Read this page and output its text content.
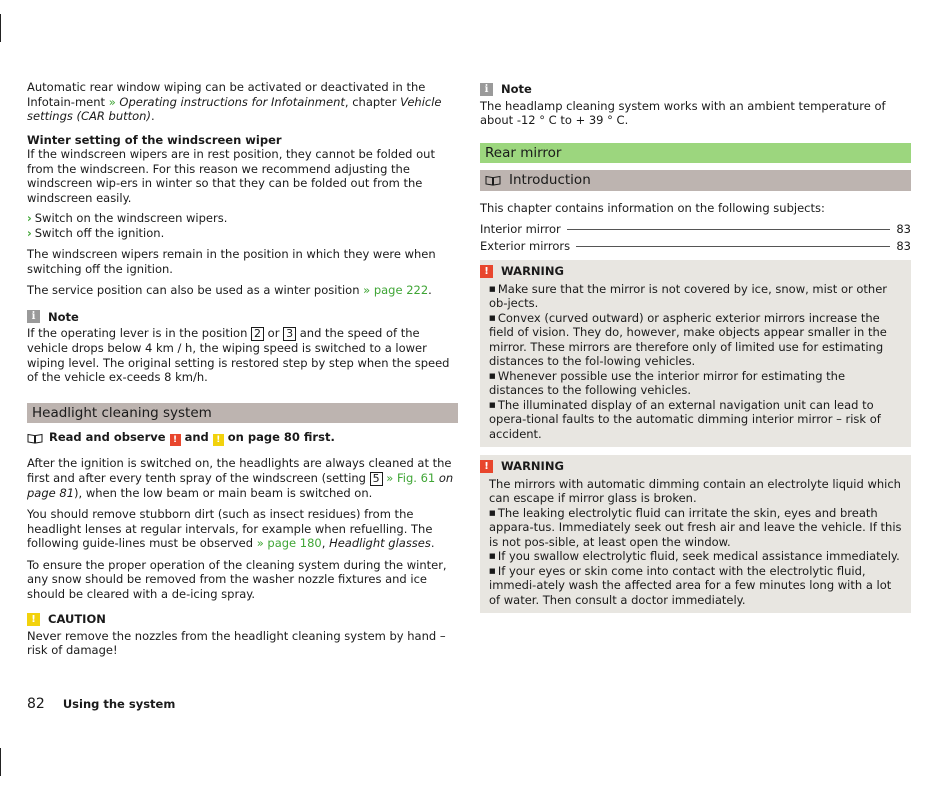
Automatic rear window wiping can be activated or deactivated in the Infotain-ment » Operating instructions for Infotainment, chapter Vehicle settings (CAR button).

Winter setting of the windscreen wiper

If the windscreen wipers are in rest position, they cannot be folded out from the windscreen. For this reason we recommend adjusting the windscreen wip-ers in winter so that they can be folded out from the windscreen easily.

› Switch on the windscreen wipers.
› Switch off the ignition.

The windscreen wipers remain in the position in which they were when switching off the ignition.

The service position can also be used as a winter position » page 222.

i	Note

If the operating lever is in the position 2 or 3 and the speed of the vehicle drops below 4 km / h, the wiping speed is switched to a lower wiping level. The original setting is restored step by step when the speed of the vehicle ex-ceeds 8 km/h.

Headlight cleaning system
Read and observe ! and ! on page 80 first.

After the ignition is switched on, the headlights are always cleaned at the first and after every tenth spray of the windscreen (setting 5 » Fig. 61 on page 81), when the low beam or main beam is switched on.

You should remove stubborn dirt (such as insect residues) from the headlight lenses at regular intervals, for example when refuelling. The following guide-lines must be observed » page 180, Headlight glasses.

To ensure the proper operation of the cleaning system during the winter, any snow should be removed from the washer nozzle fixtures and ice should be cleared with a de-icing spray.

!	CAUTION

Never remove the nozzles from the headlight cleaning system by hand – risk of damage!

i	Note

The headlamp cleaning system works with an ambient temperature of about -12 ° C to + 39 ° C.

Rear mirror
Introduction

This chapter contains information on the following subjects:

Interior mirror	83
Exterior mirrors	83
!	WARNING
■ Make sure that the mirror is not covered by ice, snow, mist or other ob-jects.
■ Convex (curved outward) or aspheric exterior mirrors increase the field of vision. They do, however, make objects appear smaller in the mirror. These mirrors are therefore only of limited use for estimating distances to the fol-lowing vehicles.
■ Whenever possible use the interior mirror for estimating the distances to the following vehicles.
■ The illuminated display of an external navigation unit can lead to opera-tional faults to the automatic dimming interior mirror – risk of accident.
!	WARNING
The mirrors with automatic dimming contain an electrolyte liquid which can escape if mirror glass is broken.
■ The leaking electrolytic fluid can irritate the skin, eyes and breath appara-tus. Immediately seek out fresh air and leave the vehicle. If this is not pos-sible, at least open the window.
■ If you swallow electrolytic fluid, seek medical assistance immediately.
■ If your eyes or skin come into contact with the electrolytic fluid, immedi-ately wash the affected area for a few minutes long with a lot of water. Then consult a doctor immediately.
82 Using the system
